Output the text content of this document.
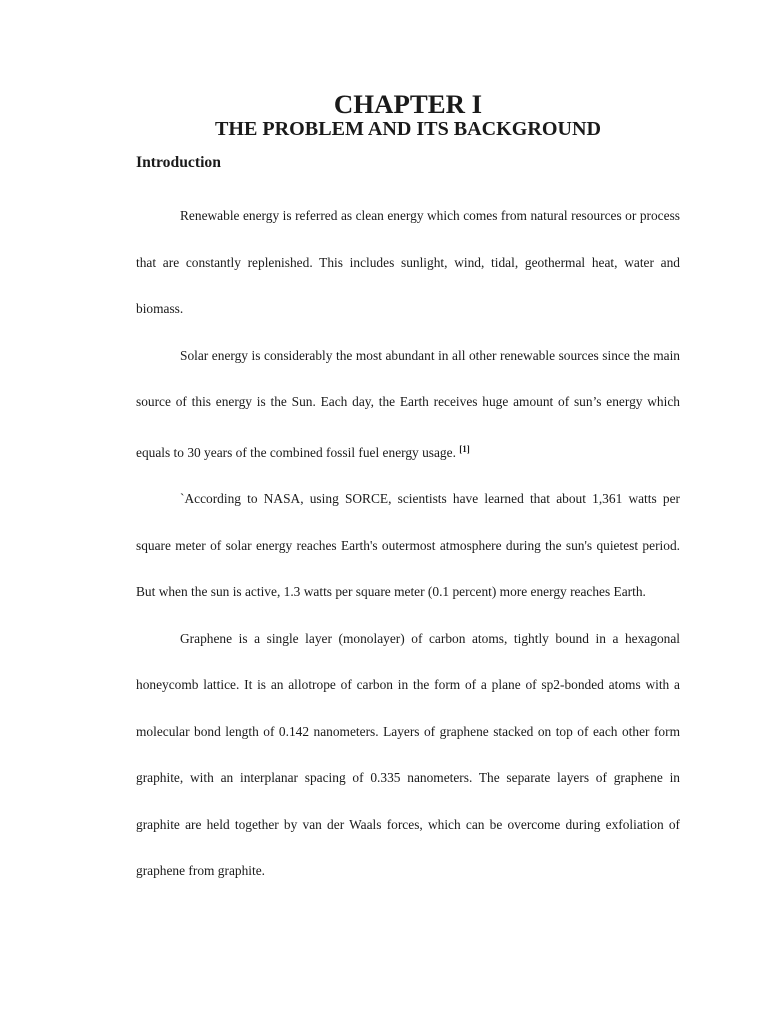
CHAPTER I
THE PROBLEM AND ITS BACKGROUND
Introduction

Renewable energy is referred as clean energy which comes from natural resources or process that are constantly replenished. This includes sunlight, wind, tidal, geothermal heat, water and biomass.

Solar energy is considerably the most abundant in all other renewable sources since the main source of this energy is the Sun. Each day, the Earth receives huge amount of sun’s energy which equals to 30 years of the combined fossil fuel energy usage. [1]

`According to NASA, using SORCE, scientists have learned that about 1,361 watts per square meter of solar energy reaches Earth's outermost atmosphere during the sun's quietest period. But when the sun is active, 1.3 watts per square meter (0.1 percent) more energy reaches Earth.

Graphene is a single layer (monolayer) of carbon atoms, tightly bound in a hexagonal honeycomb lattice. It is an allotrope of carbon in the form of a plane of sp2-bonded atoms with a molecular bond length of 0.142 nanometers. Layers of graphene stacked on top of each other form graphite, with an interplanar spacing of 0.335 nanometers. The separate layers of graphene in graphite are held together by van der Waals forces, which can be overcome during exfoliation of graphene from graphite.
